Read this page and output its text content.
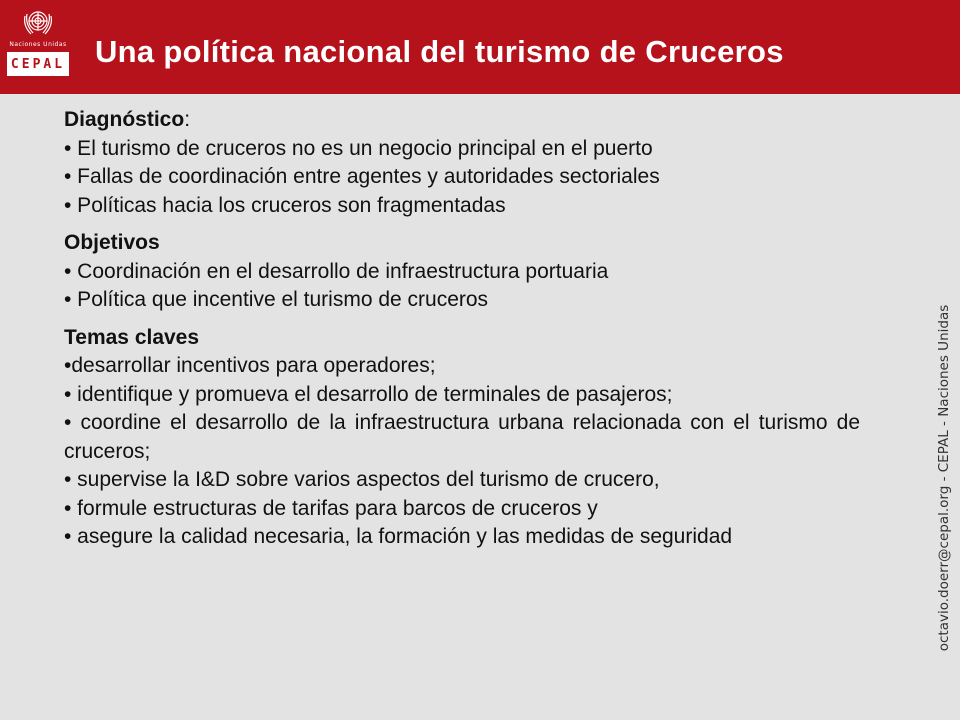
Naciones Unidas
CEPAL Una política nacional del turismo de Cruceros
Diagnóstico:
• El turismo de cruceros no es un negocio principal en el puerto
• Fallas de coordinación entre agentes y autoridades sectoriales
• Políticas hacia los cruceros son fragmentadas
Objetivos
• Coordinación en el desarrollo de infraestructura portuaria
• Política que incentive el turismo de cruceros
Temas claves
•desarrollar incentivos para operadores;
• identifique y promueva el desarrollo de terminales de pasajeros;
• coordine el desarrollo de la infraestructura urbana relacionada con el turismo de cruceros;
• supervise la I&D sobre varios aspectos del turismo de crucero,
• formule estructuras de tarifas para barcos de cruceros y
• asegure la calidad necesaria, la formación y las medidas de seguridad	octavio.doerr@cepal.org - CEPAL - Naciones Unidas
